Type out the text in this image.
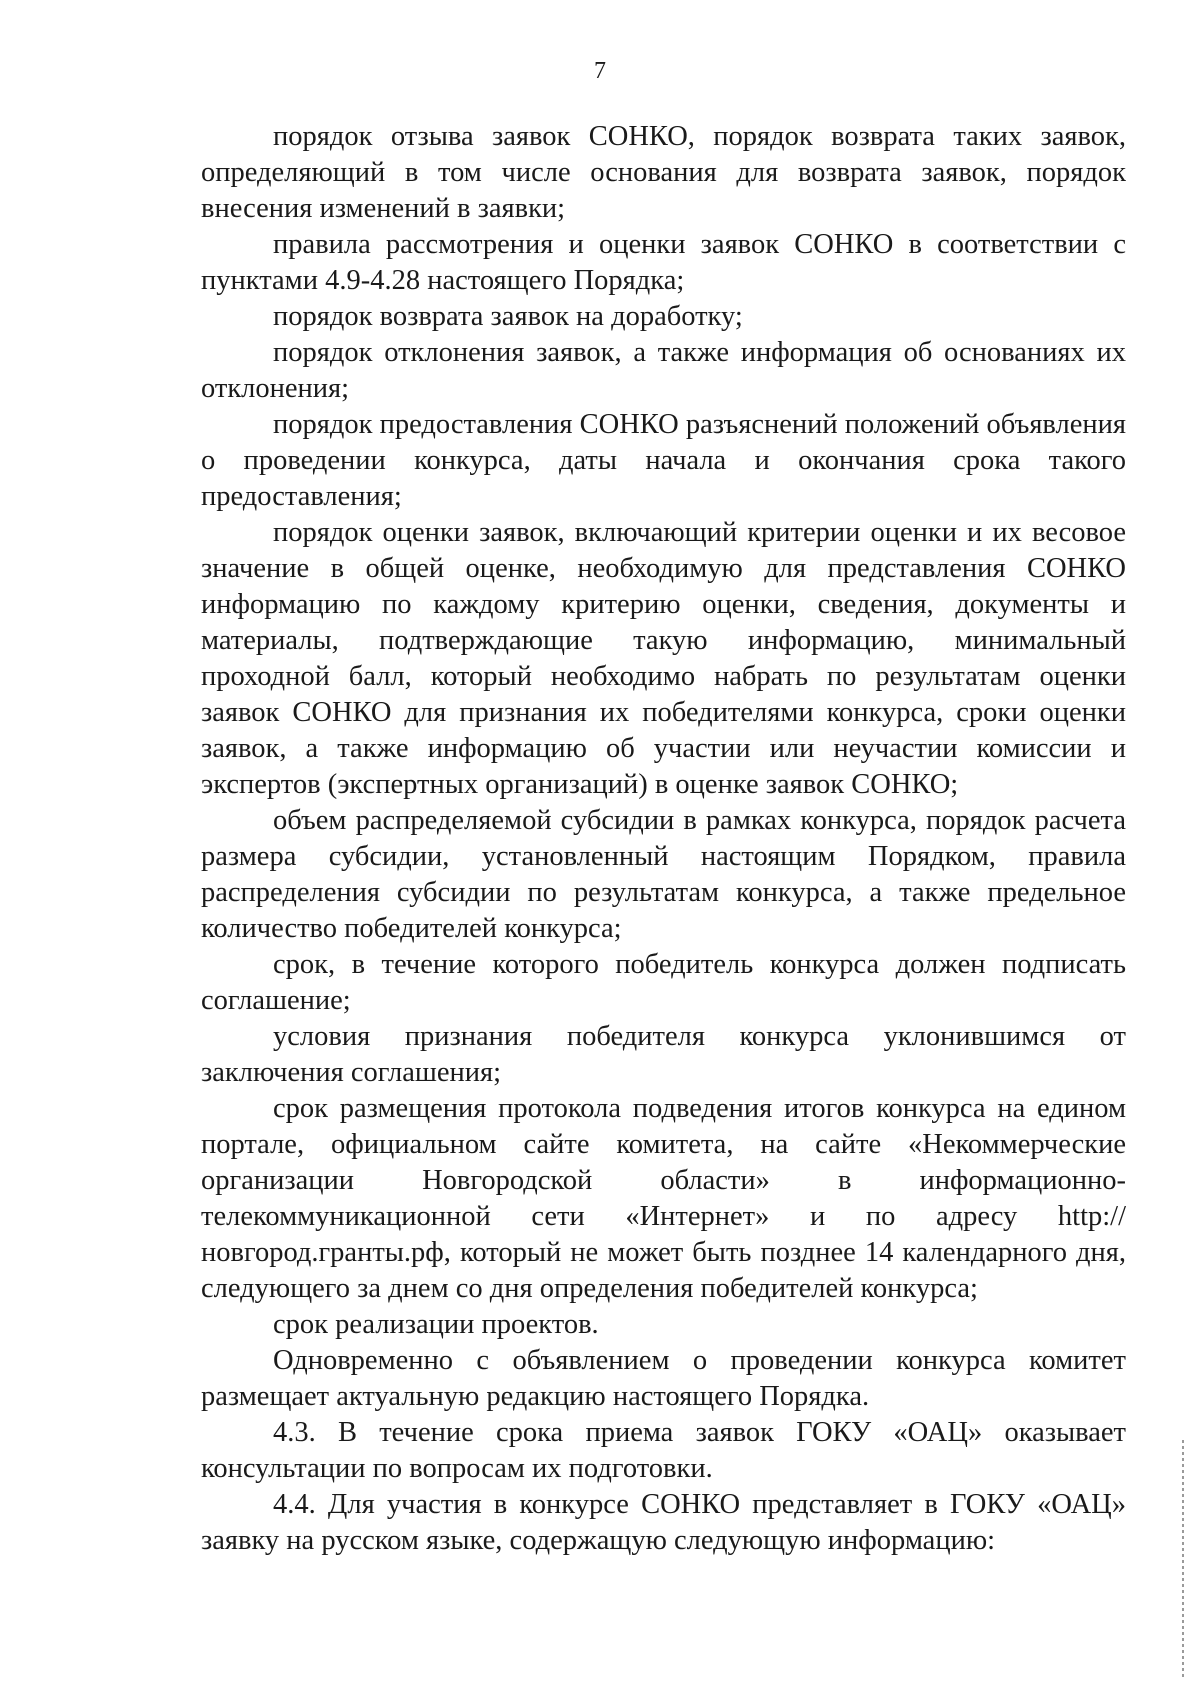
7

порядок отзыва заявок СОНКО, порядок возврата таких заявок, определяющий в том числе основания для возврата заявок, порядок внесения изменений в заявки;

правила рассмотрения и оценки заявок СОНКО в соответствии с пунктами 4.9-4.28 настоящего Порядка;

порядок возврата заявок на доработку;

порядок отклонения заявок, а также информация об основаниях их отклонения;

порядок предоставления СОНКО разъяснений положений объявления о проведении конкурса, даты начала и окончания срока такого предоставления;

порядок оценки заявок, включающий критерии оценки и их весовое значение в общей оценке, необходимую для представления СОНКО информацию по каждому критерию оценки, сведения, документы и материалы, подтверждающие такую информацию, минимальный проходной балл, который необходимо набрать по результатам оценки заявок СОНКО для признания их победителями конкурса, сроки оценки заявок, а также информацию об участии или неучастии комиссии и экспертов (экспертных организаций) в оценке заявок СОНКО;

объем распределяемой субсидии в рамках конкурса, порядок расчета размера субсидии, установленный настоящим Порядком, правила распределения субсидии по результатам конкурса, а также предельное количество победителей конкурса;

срок, в течение которого победитель конкурса должен подписать соглашение;

условия признания победителя конкурса уклонившимся от заключения соглашения;

срок размещения протокола подведения итогов конкурса на едином портале, официальном сайте комитета, на сайте «Некоммерческие организации Новгородской области» в информационно-телекоммуникационной сети «Интернет» и по адресу http://новгород.гранты.рф, который не может быть позднее 14 календарного дня, следующего за днем со дня определения победителей конкурса;

срок реализации проектов.

Одновременно с объявлением о проведении конкурса комитет размещает актуальную редакцию настоящего Порядка.

4.3. В течение срока приема заявок ГОКУ «ОАЦ» оказывает консультации по вопросам их подготовки.

4.4. Для участия в конкурсе СОНКО представляет в ГОКУ «ОАЦ» заявку на русском языке, содержащую следующую информацию:
